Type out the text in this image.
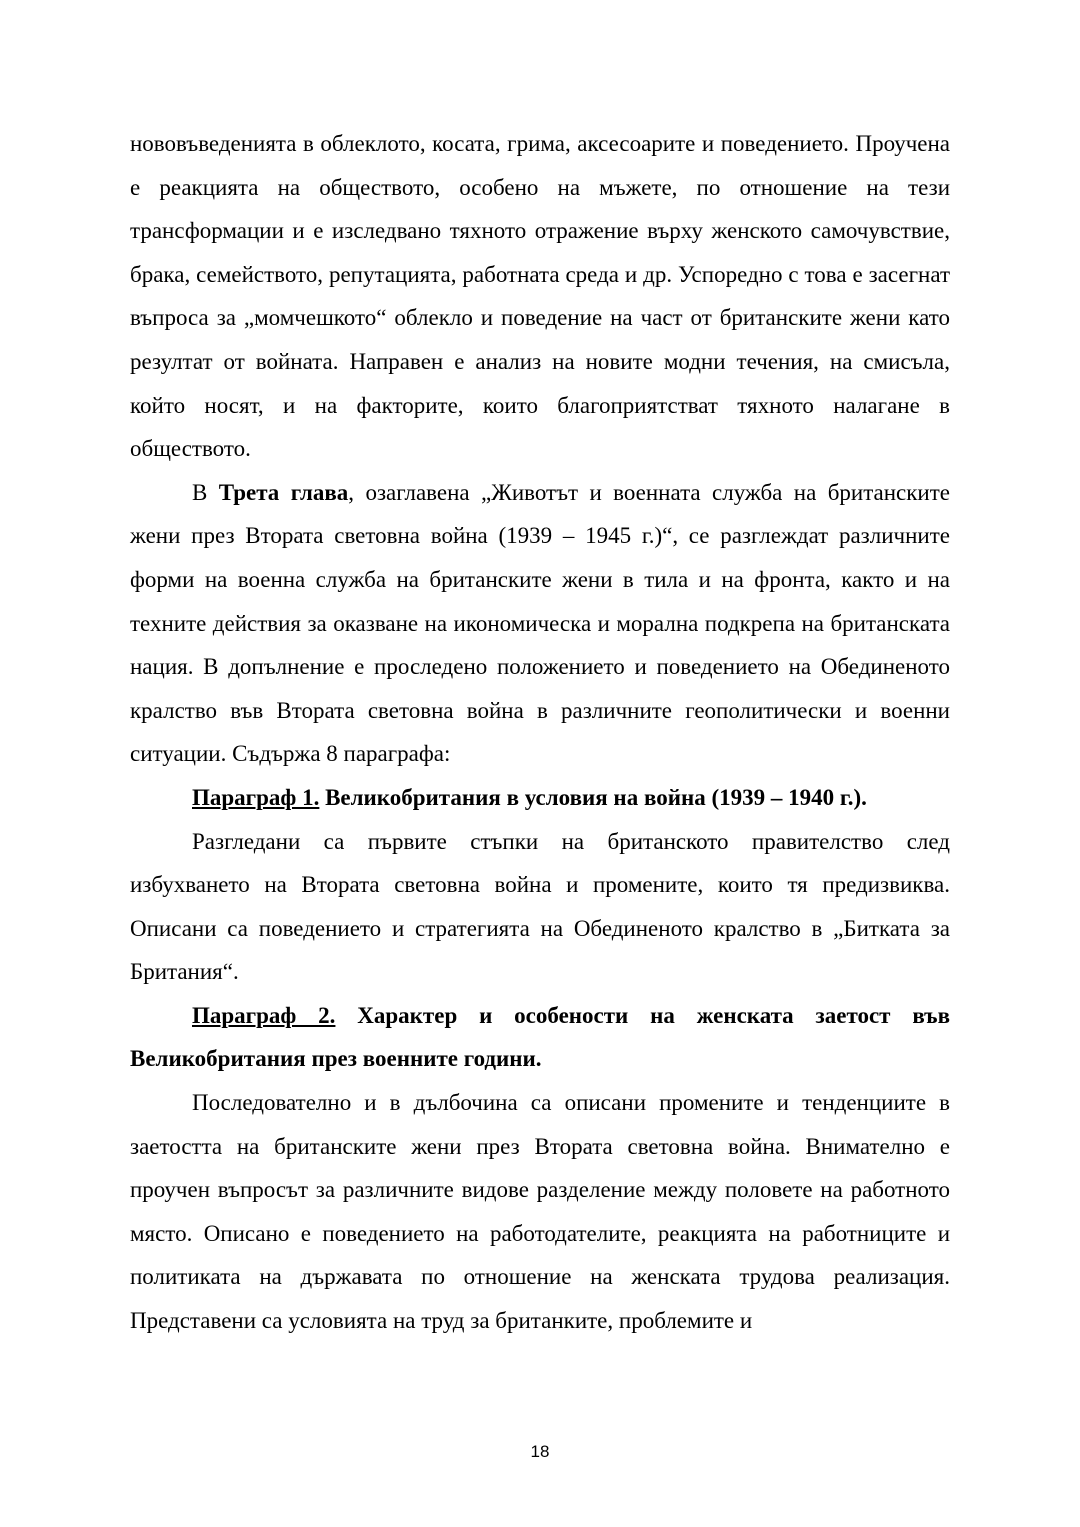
нововъведенията в облеклото, косата, грима, аксесоарите и поведението. Проучена е реакцията на обществото, особено на мъжете, по отношение на тези трансформации и е изследвано тяхното отражение върху женското самочувствие, брака, семейството, репутацията, работната среда и др. Успоредно с това е засегнат въпроса за „момчешкото“ облекло и поведение на част от британските жени като резултат от войната. Направен е анализ на новите модни течения, на смисъла, който носят, и на факторите, които благоприятстват тяхното налагане в обществото.

В Трета глава, озаглавена „Животът и военната служба на британските жени през Втората световна война (1939 – 1945 г.)“, се разглеждат различните форми на военна служба на британските жени в тила и на фронта, както и на техните действия за оказване на икономическа и морална подкрепа на британската нация. В допълнение е проследено положението и поведението на Обединеното кралство във Втората световна война в различните геополитически и военни ситуации. Съдържа 8 параграфа:

Параграф 1. Великобритания в условия на война (1939 – 1940 г.).

Разгледани са първите стъпки на британското правителство след избухването на Втората световна война и промените, които тя предизвиква. Описани са поведението и стратегията на Обединеното кралство в „Битката за Британия“.

Параграф 2. Характер и особености на женската заетост във Великобритания през военните години.

Последователно и в дълбочина са описани промените и тенденциите в заетостта на британските жени през Втората световна война. Внимателно е проучен въпросът за различните видове разделение между половете на работното място. Описано е поведението на работодателите, реакцията на работниците и политиката на държавата по отношение на женската трудова реализация. Представени са условията на труд за британките, проблемите и

18
